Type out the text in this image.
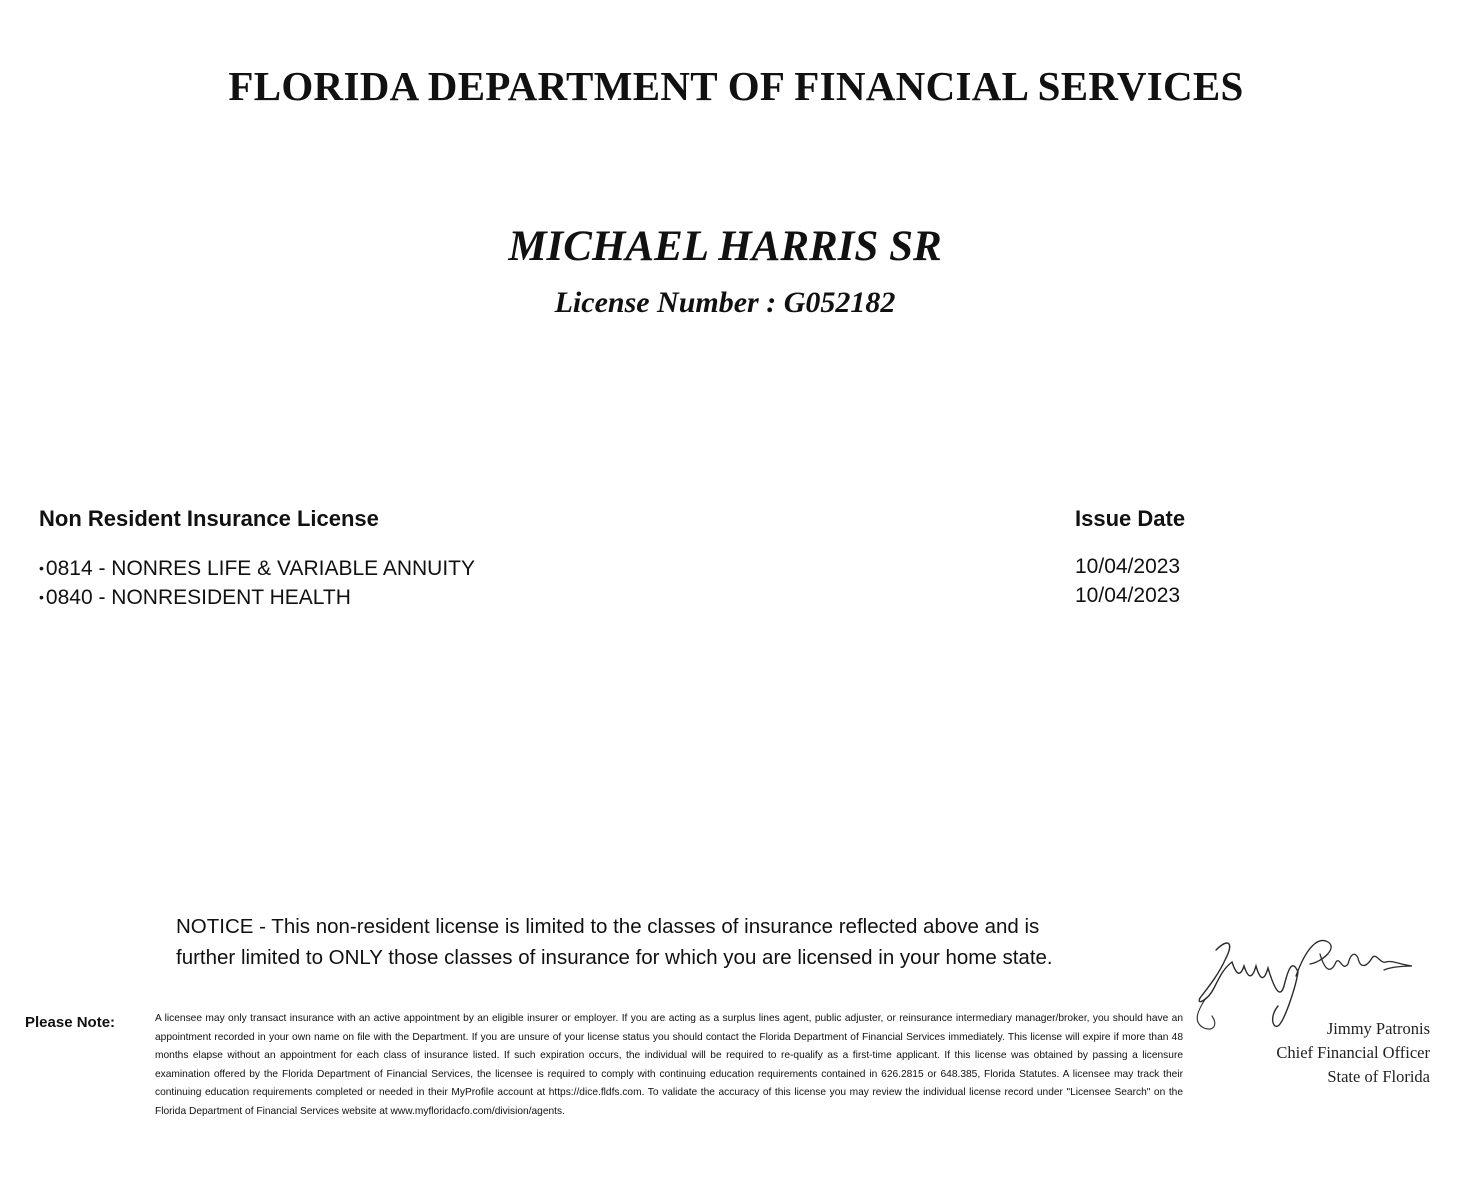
FLORIDA DEPARTMENT OF FINANCIAL SERVICES
MICHAEL HARRIS SR
License Number : G052182
Non Resident Insurance License	Issue Date
•0814 - NONRES LIFE & VARIABLE ANNUITY
•0840 - NONRESIDENT HEALTH
10/04/2023
10/04/2023
NOTICE - This non-resident license is limited to the classes of insurance reflected above and is further limited to ONLY those classes of insurance for which you are licensed in your home state.
Please Note:	A licensee may only transact insurance with an active appointment by an eligible insurer or employer. If you are acting as a surplus lines agent, public adjuster, or reinsurance intermediary manager/broker, you should have an appointment recorded in your own name on file with the Department. If you are unsure of your license status you should contact the Florida Department of Financial Services immediately. This license will expire if more than 48 months elapse without an appointment for each class of insurance listed. If such expiration occurs, the individual will be required to re-qualify as a first-time applicant. If this license was obtained by passing a licensure examination offered by the Florida Department of Financial Services, the licensee is required to comply with continuing education requirements contained in 626.2815 or 648.385, Florida Statutes. A licensee may track their continuing education requirements completed or needed in their MyProfile account at https://dice.fldfs.com. To validate the accuracy of this license you may review the individual license record under "Licensee Search" on the Florida Department of Financial Services website at www.myfloridacfo.com/division/agents.
Jimmy Patronis
Chief Financial Officer
State of Florida
